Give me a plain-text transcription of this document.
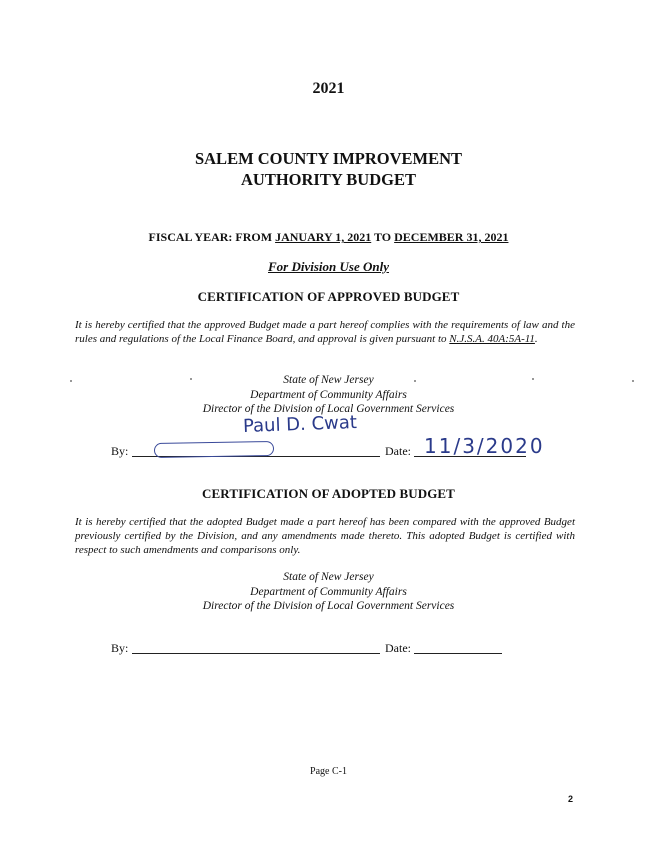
2021
SALEM COUNTY IMPROVEMENT
AUTHORITY BUDGET
FISCAL YEAR: FROM JANUARY 1, 2021 TO DECEMBER 31, 2021
For Division Use Only
CERTIFICATION OF APPROVED BUDGET
It is hereby certified that the approved Budget made a part hereof complies with the requirements of law and the rules and regulations of the Local Finance Board, and approval is given pursuant to N.J.S.A. 40A:5A-11.
State of New Jersey
Department of Community Affairs
Director of the Division of Local Government Services
By:
Paul D. Cwat
Date: 11/3/2020
CERTIFICATION OF ADOPTED BUDGET
It is hereby certified that the adopted Budget made a part hereof has been compared with the approved Budget previously certified by the Division, and any amendments made thereto. This adopted Budget is certified with respect to such amendments and comparisons only.
State of New Jersey
Department of Community Affairs
Director of the Division of Local Government Services
By:	Date:
Page C-1
2
